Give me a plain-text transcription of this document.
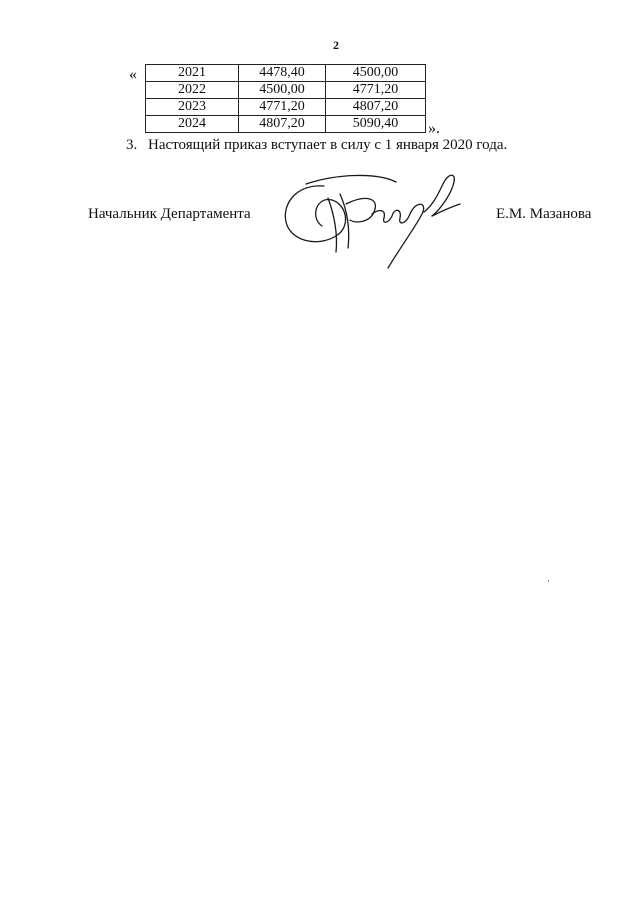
2
«	2021	4478,40	4500,00
2022	4500,00	4771,20
2023	4771,20	4807,20
2024	4807,20	5090,40 ».
3. Настоящий приказ вступает в силу с 1 января 2020 года.
Начальник Департамента	Е.М. Мазанова
